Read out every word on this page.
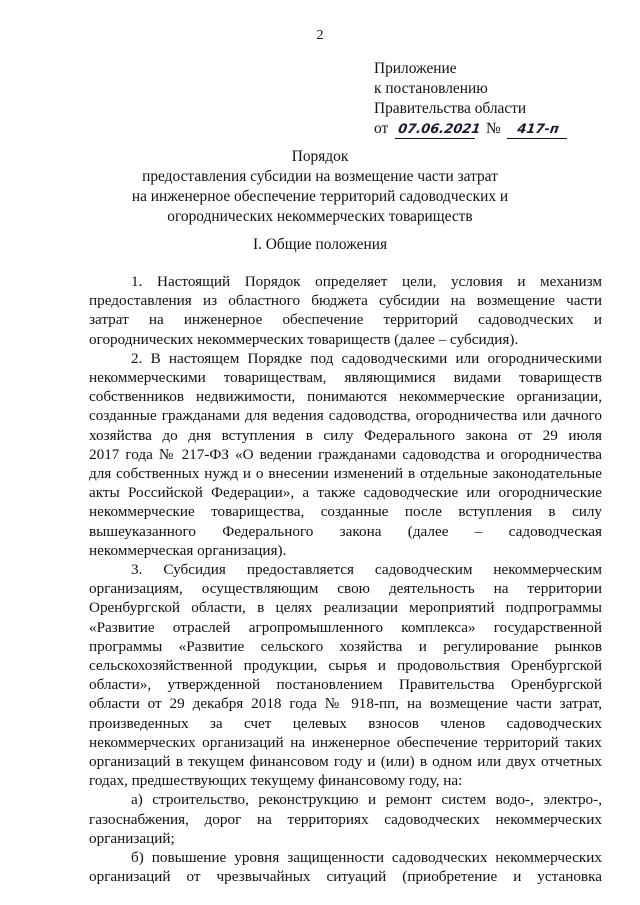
2
Приложение
к постановлению
Правительства области
от 07.06.2021 № 417-п
Порядок
предоставления субсидии на возмещение части затрат
на инженерное обеспечение территорий садоводческих и
огороднических некоммерческих товариществ
I. Общие положения
1. Настоящий Порядок определяет цели, условия и механизм
предоставления из областного бюджета субсидии на возмещение части
затрат на инженерное обеспечение территорий садоводческих и
огороднических некоммерческих товариществ (далее – субсидия).
2. В настоящем Порядке под садоводческими или огородническими
некоммерческими товариществам, являющимися видами товариществ
собственников недвижимости, понимаются некоммерческие организации,
созданные гражданами для ведения садоводства, огородничества или дачного
хозяйства до дня вступления в силу Федерального закона от 29 июля
2017 года № 217-ФЗ «О ведении гражданами садоводства и огородничества
для собственных нужд и о внесении изменений в отдельные законодательные
акты Российской Федерации», а также садоводческие или огороднические
некоммерческие товарищества, созданные после вступления в силу
вышеуказанного Федерального закона (далее – садоводческая
некоммерческая организация).
3. Субсидия предоставляется садоводческим некоммерческим
организациям, осуществляющим свою деятельность на территории
Оренбургской области, в целях реализации мероприятий подпрограммы
«Развитие отраслей агропромышленного комплекса» государственной
программы «Развитие сельского хозяйства и регулирование рынков
сельскохозяйственной продукции, сырья и продовольствия Оренбургской
области», утвержденной постановлением Правительства Оренбургской
области от 29 декабря 2018 года № 918-пп, на возмещение части затрат,
произведенных за счет целевых взносов членов садоводческих
некоммерческих организаций на инженерное обеспечение территорий таких
организаций в текущем финансовом году и (или) в одном или двух отчетных
годах, предшествующих текущему финансовому году, на:
а) строительство, реконструкцию и ремонт систем водо-, электро-,
газоснабжения, дорог на территориях садоводческих некоммерческих
организаций;
б) повышение уровня защищенности садоводческих некоммерческих
организаций от чрезвычайных ситуаций (приобретение и установка
